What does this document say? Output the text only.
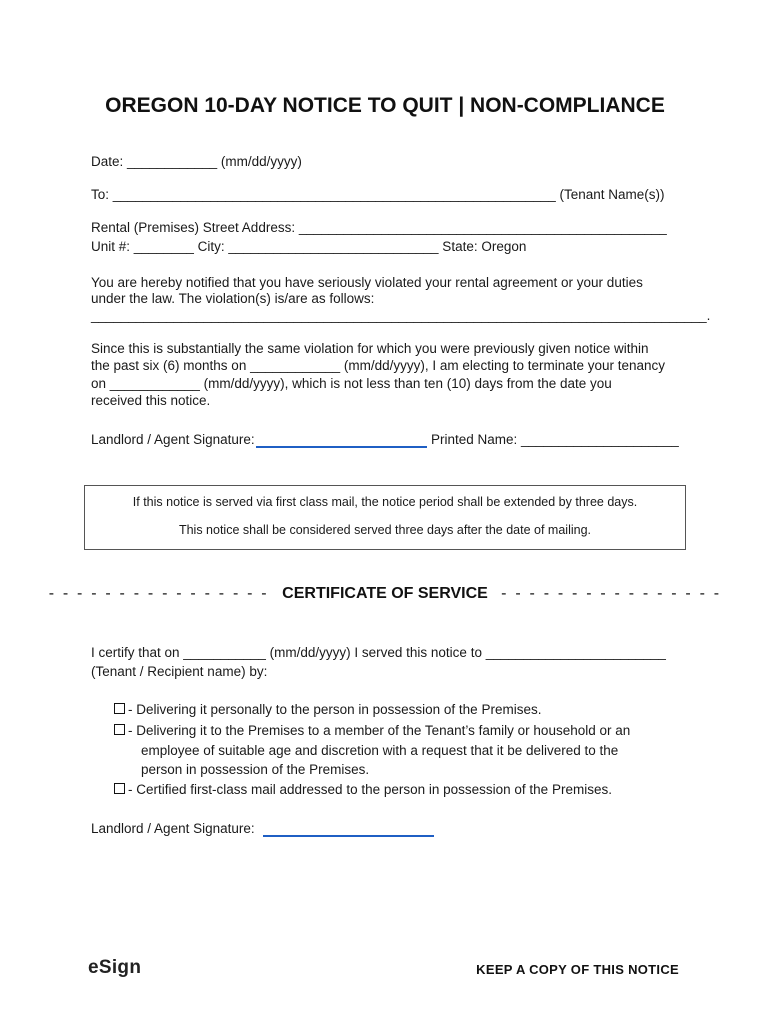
OREGON 10-DAY NOTICE TO QUIT | NON-COMPLIANCE
Date: ____________ (mm/dd/yyyy)
To: ___________________________________________________________ (Tenant Name(s))
Rental (Premises) Street Address: _________________________________________________
Unit #: ________ City: ____________________________ State: Oregon
You are hereby notified that you have seriously violated your rental agreement or your duties
under the law. The violation(s) is/are as follows:
__________________________________________________________________________________.
Since this is substantially the same violation for which you were previously given notice within
the past six (6) months on ____________ (mm/dd/yyyy), I am electing to terminate your tenancy
on ____________ (mm/dd/yyyy), which is not less than ten (10) days from the date you
received this notice.
Landlord / Agent Signature:	Printed Name: _____________________
If this notice is served via first class mail, the notice period shall be extended by three days.
This notice shall be considered served three days after the date of mailing.
- - - - - - - - - - - - - - - - CERTIFICATE OF SERVICE - - - - - - - - - - - - - - - -
I certify that on ___________ (mm/dd/yyyy) I served this notice to ________________________
(Tenant / Recipient name) by:
- Delivering it personally to the person in possession of the Premises.
- Delivering it to the Premises to a member of the Tenant’s family or household or an
employee of suitable age and discretion with a request that it be delivered to the
person in possession of the Premises.
- Certified first-class mail addressed to the person in possession of the Premises.
Landlord / Agent Signature:
eSign	KEEP A COPY OF THIS NOTICE
